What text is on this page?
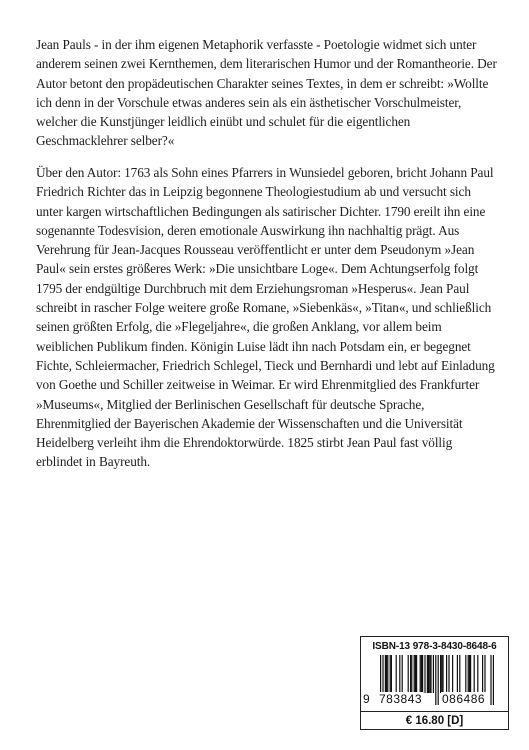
Jean Pauls - in der ihm eigenen Metaphorik verfasste - Poetologie widmet sich unter anderem seinen zwei Kernthemen, dem literarischen Humor und der Romantheorie. Der Autor betont den propädeutischen Charakter seines Textes, in dem er schreibt: »Wollte ich denn in der Vorschule etwas anderes sein als ein ästhetischer Vorschulmeister, welcher die Kunstjünger leidlich einübt und schulet für die eigentlichen Geschmacklehrer selber?«

Über den Autor: 1763 als Sohn eines Pfarrers in Wunsiedel geboren, bricht Johann Paul Friedrich Richter das in Leipzig begonnene Theologiestudium ab und versucht sich unter kargen wirtschaftlichen Bedingungen als satirischer Dichter. 1790 ereilt ihn eine sogenannte Todesvision, deren emotionale Auswirkung ihn nachhaltig prägt. Aus Verehrung für Jean-Jacques Rousseau veröffentlicht er unter dem Pseudonym »Jean Paul« sein erstes größeres Werk: »Die unsichtbare Loge«. Dem Achtungserfolg folgt 1795 der endgültige Durchbruch mit dem Erziehungsroman »Hesperus«. Jean Paul schreibt in rascher Folge weitere große Romane, »Siebenkäs«, »Titan«, und schließlich seinen größten Erfolg, die »Flegeljahre«, die großen Anklang, vor allem beim weiblichen Publikum finden. Königin Luise lädt ihn nach Potsdam ein, er begegnet Fichte, Schleiermacher, Friedrich Schlegel, Tieck und Bernhardi und lebt auf Einladung von Goethe und Schiller zeitweise in Weimar. Er wird Ehrenmitglied des Frankfurter »Museums«, Mitglied der Berlinischen Gesellschaft für deutsche Sprache, Ehrenmitglied der Bayerischen Akademie der Wissenschaften und die Universität Heidelberg verleiht ihm die Ehrendoktorwürde. 1825 stirbt Jean Paul fast völlig erblindet in Bayreuth.

ISBN-13 978-3-8430-8648-6
9 783843 086486
€ 16.80 [D]
